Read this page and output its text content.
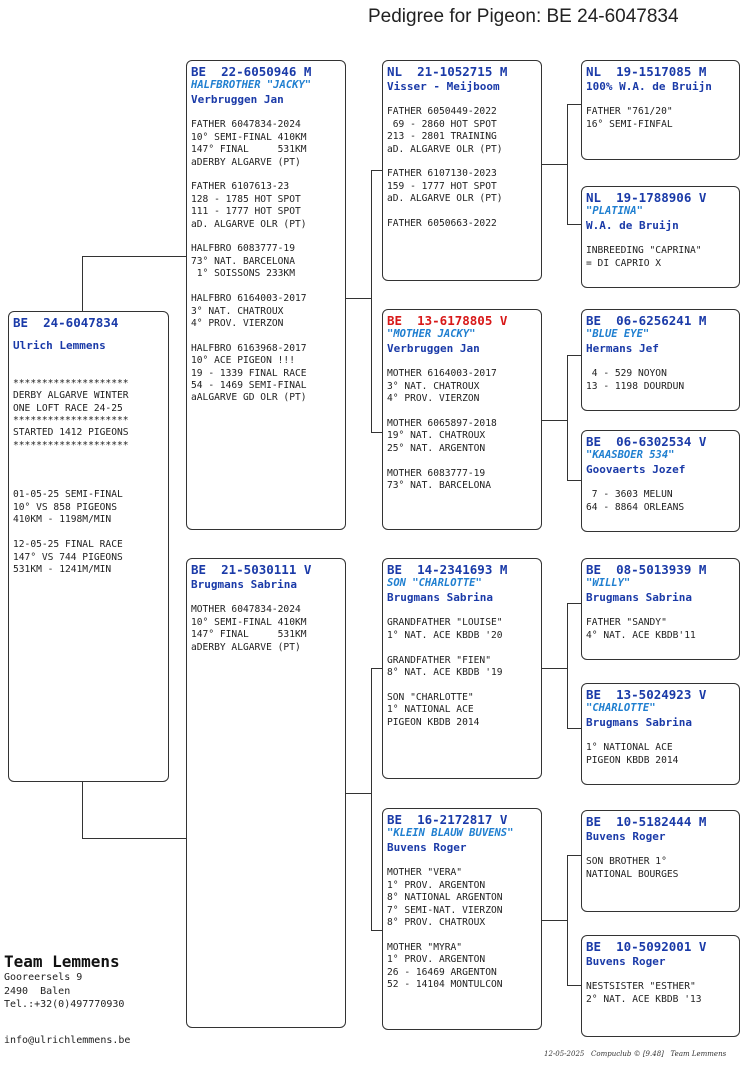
Pedigree for Pigeon: BE 24-6047834
BE  24-6047834
Ulrich Lemmens

********************
DERBY ALGARVE WINTER
ONE LOFT RACE 24-25
********************
STARTED 1412 PIGEONS
********************

01-05-25 SEMI-FINAL
10° VS 858 PIGEONS
410KM - 1198M/MIN

12-05-25 FINAL RACE
147° VS 744 PIGEONS
531KM - 1241M/MIN
BE  22-6050946 M
HALFBROTHER "JACKY"
Verbruggen Jan

FATHER 6047834-2024
10° SEMI-FINAL 410KM
147° FINAL     531KM
aDERBY ALGARVE (PT)

FATHER 6107613-23
128 - 1785 HOT SPOT
111 - 1777 HOT SPOT
aD. ALGARVE OLR (PT)

HALFBRO 6083777-19
73° NAT. BARCELONA
1° SOISSONS 233KM

HALFBRO 6164003-2017
3° NAT. CHATROUX
4° PROV. VIERZON

HALFBRO 6163968-2017
10° ACE PIGEON !!!
19 - 1339 FINAL RACE
54 - 1469 SEMI-FINAL
aALGARVE GD OLR (PT)
BE  21-5030111 V
Brugmans Sabrina

MOTHER 6047834-2024
10° SEMI-FINAL 410KM
147° FINAL     531KM
aDERBY ALGARVE (PT)
NL  21-1052715 M
Visser - Meijboom

FATHER 6050449-2022
69 - 2860 HOT SPOT
213 - 2801 TRAINING
aD. ALGARVE OLR (PT)

FATHER 6107130-2023
159 - 1777 HOT SPOT
aD. ALGARVE OLR (PT)

FATHER 6050663-2022
BE  13-6178805 V
"MOTHER JACKY"
Verbruggen Jan

MOTHER 6164003-2017
3° NAT. CHATROUX
4° PROV. VIERZON

MOTHER 6065897-2018
19° NAT. CHATROUX
25° NAT. ARGENTON

MOTHER 6083777-19
73° NAT. BARCELONA
BE  14-2341693 M
SON "CHARLOTTE"
Brugmans Sabrina

GRANDFATHER "LOUISE"
1° NAT. ACE KBDB '20

GRANDFATHER "FIEN"
8° NAT. ACE KBDB '19

SON "CHARLOTTE"
1° NATIONAL ACE
PIGEON KBDB 2014
BE  16-2172817 V
"KLEIN BLAUW BUVENS"
Buvens Roger

MOTHER "VERA"
1° PROV. ARGENTON
8° NATIONAL ARGENTON
7° SEMI-NAT. VIERZON
8° PROV. CHATROUX

MOTHER "MYRA"
1° PROV. ARGENTON
26 - 16469 ARGENTON
52 - 14104 MONTULCON
NL  19-1517085 M
100% W.A. de Bruijn

FATHER "761/20"
16° SEMI-FINFAL
NL  19-1788906 V
"PLATINA"
W.A. de Bruijn

INBREEDING "CAPRINA"
= DI CAPRIO X
BE  06-6256241 M
"BLUE EYE"
Hermans Jef

4 - 529 NOYON
13 - 1198 DOURDUN
BE  06-6302534 V
"KAASBOER 534"
Goovaerts Jozef

7 - 3603 MELUN
64 - 8864 ORLEANS
BE  08-5013939 M
"WILLY"
Brugmans Sabrina

FATHER "SANDY"
4° NAT. ACE KBDB'11
BE  13-5024923 V
"CHARLOTTE"
Brugmans Sabrina

1° NATIONAL ACE
PIGEON KBDB 2014
BE  10-5182444 M
Buvens Roger

SON BROTHER 1°
NATIONAL BOURGES
BE  10-5092001 V
Buvens Roger

NESTSISTER "ESTHER"
2° NAT. ACE KBDB '13
Team Lemmens
Gooreersels 9
2490  Balen
Tel.:+32(0)497770930
info@ulrichlemmens.be
12-05-2025   Compuclub © [9.48]   Team Lemmens
